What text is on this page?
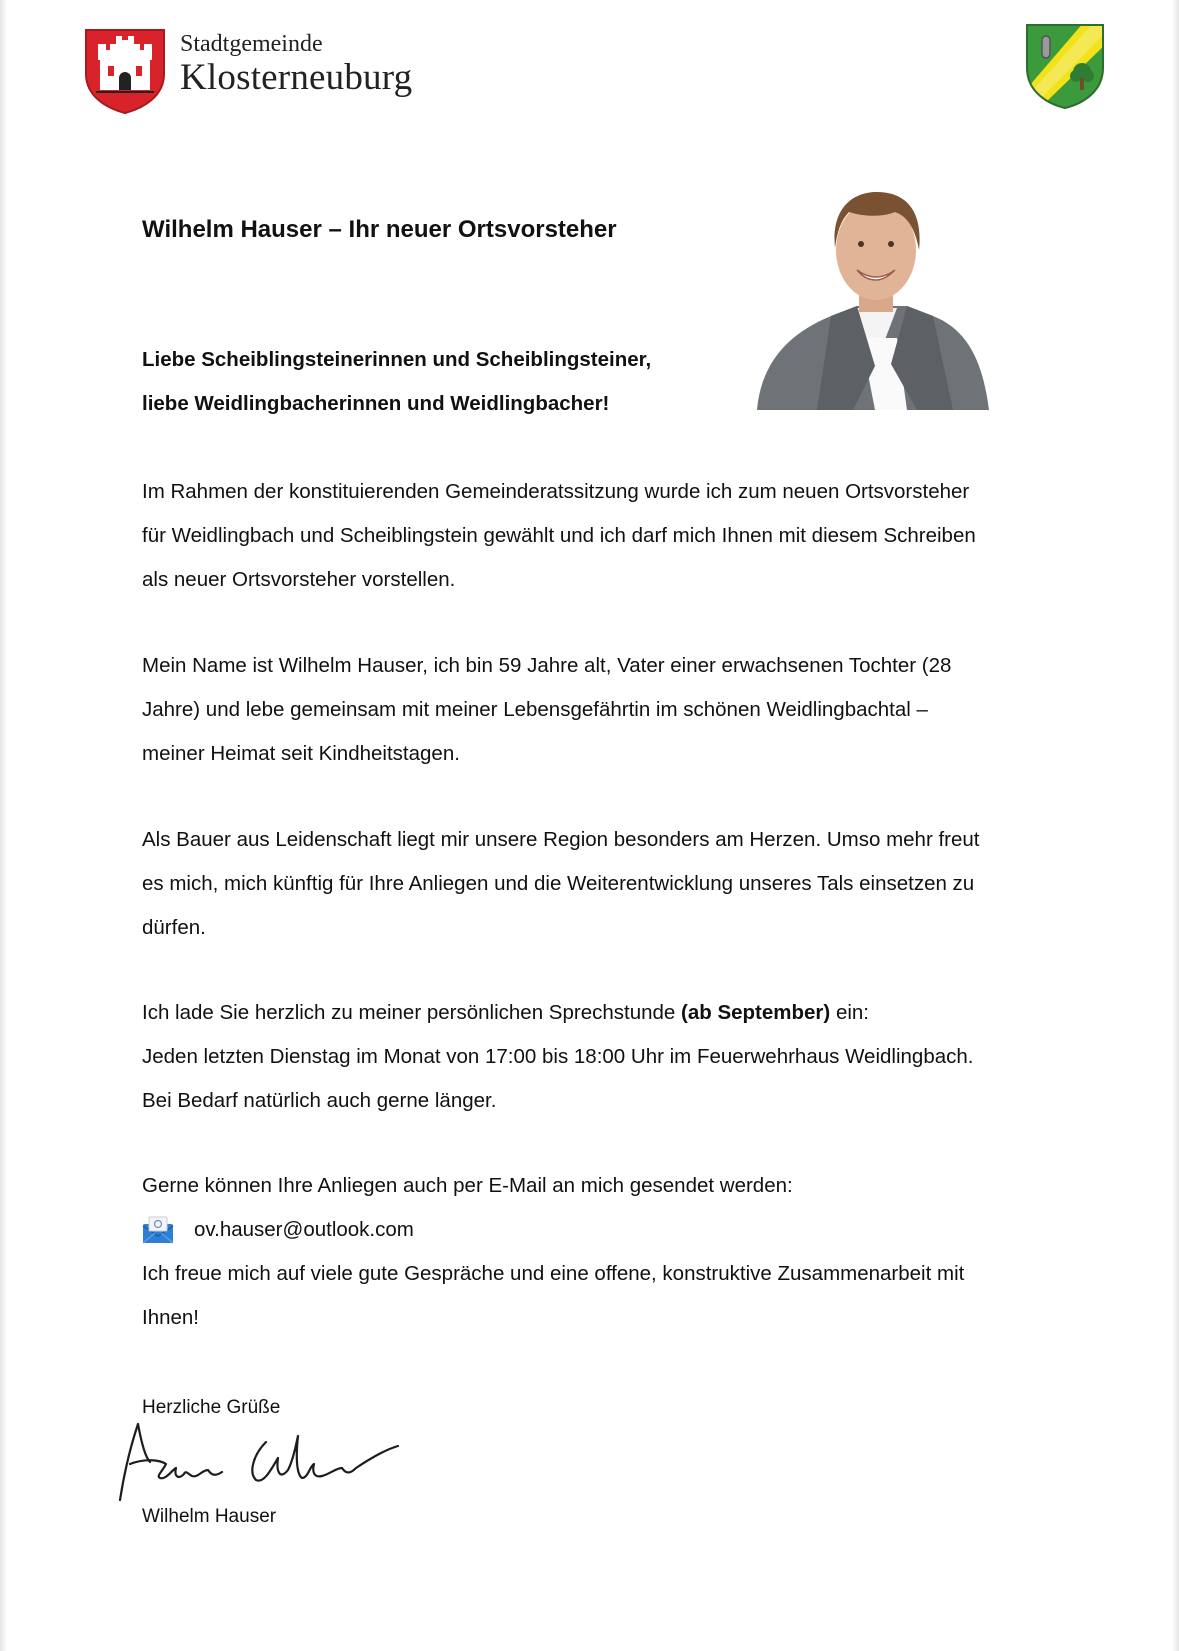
Stadtgemeinde
Klosterneuburg
Wilhelm Hauser – Ihr neuer Ortsvorsteher

Liebe Scheiblingsteinerinnen und Scheiblingsteiner,

liebe Weidlingbacherinnen und Weidlingbacher!

Im Rahmen der konstituierenden Gemeinderatssitzung wurde ich zum neuen Ortsvorsteher

für Weidlingbach und Scheiblingstein gewählt und ich darf mich Ihnen mit diesem Schreiben

als neuer Ortsvorsteher vorstellen.

Mein Name ist Wilhelm Hauser, ich bin 59 Jahre alt, Vater einer erwachsenen Tochter (28

Jahre) und lebe gemeinsam mit meiner Lebensgefährtin im schönen Weidlingbachtal –

meiner Heimat seit Kindheitstagen.

Als Bauer aus Leidenschaft liegt mir unsere Region besonders am Herzen. Umso mehr freut

es mich, mich künftig für Ihre Anliegen und die Weiterentwicklung unseres Tals einsetzen zu

dürfen.

Ich lade Sie herzlich zu meiner persönlichen Sprechstunde (ab September) ein:

Jeden letzten Dienstag im Monat von 17:00 bis 18:00 Uhr im Feuerwehrhaus Weidlingbach.

Bei Bedarf natürlich auch gerne länger.

Gerne können Ihre Anliegen auch per E-Mail an mich gesendet werden:

ov.hauser@outlook.com

Ich freue mich auf viele gute Gespräche und eine offene, konstruktive Zusammenarbeit mit

Ihnen!

Herzliche Grüße
Wilhelm Hauser
